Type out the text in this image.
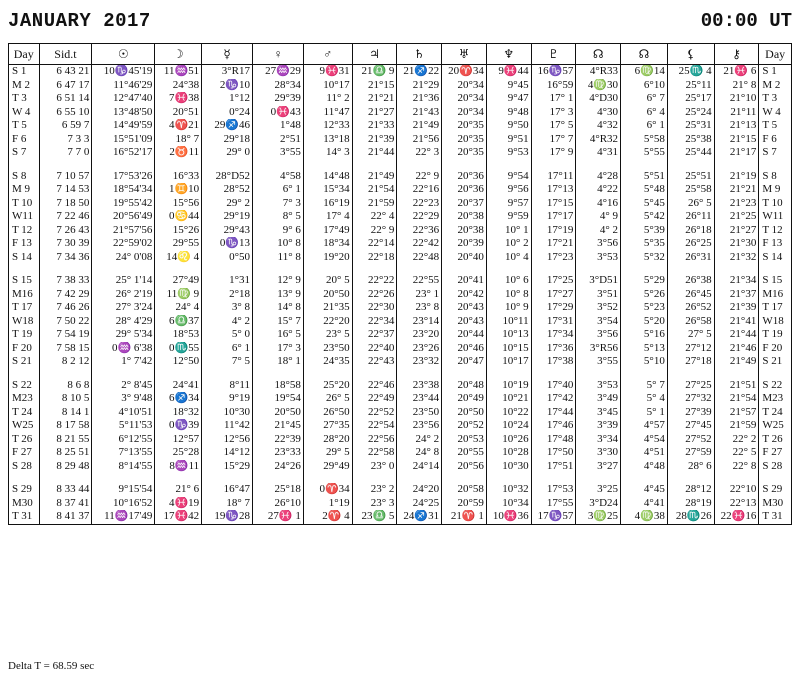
JANUARY 2017	00:00 UT
Day	Sid.t	☉	☽	☿	♀	♂	♃	♄	♅	♆	♇	☊	☊	⚸	⚷	Day
S 1	6 43 21	10♑45'19	11♒51	3°R17	27♒29	9♓31	21♎ 9	21♐22	20♈34	9♓44	16♑57	4°R33	6♍14	25♏ 4	21♓ 6	S 1
M 2	6 47 17	11°46'29	24°38	2♑10	28°34	10°17	21°15	21°29	20°34	9°45	16°59	4♍30	6°10	25°11	21° 8	M 2
T 3	6 51 14	12°47'40	7♓38	1°12	29°39	11° 2	21°21	21°36	20°34	9°47	17° 1	4°D30	6° 7	25°17	21°10	T 3
W 4	6 55 10	13°48'50	20°51	0°24	0♓43	11°47	21°27	21°43	20°34	9°48	17° 3	4°30	6° 4	25°24	21°11	W 4
T 5	6 59 7	14°49'59	4♈21	29♐46	1°48	12°33	21°33	21°49	20°35	9°50	17° 5	4°32	6° 1	25°31	21°13	T 5
F 6	7 3 3	15°51'09	18° 7	29°18	2°51	13°18	21°39	21°56	20°35	9°51	17° 7	4°R32	5°58	25°38	21°15	F 6
S 7	7 7 0	16°52'17	2♉11	29° 0	3°55	14° 3	21°44	22° 3	20°35	9°53	17° 9	4°31	5°55	25°44	21°17	S 7

S 8	7 10 57	17°53'26	16°33	28°D52	4°58	14°48	21°49	22° 9	20°36	9°54	17°11	4°28	5°51	25°51	21°19	S 8
M 9	7 14 53	18°54'34	1♊10	28°52	6° 1	15°34	21°54	22°16	20°36	9°56	17°13	4°22	5°48	25°58	21°21	M 9
T 10	7 18 50	19°55'42	15°56	29° 2	7° 3	16°19	21°59	22°23	20°37	9°57	17°15	4°16	5°45	26° 5	21°23	T 10
W11	7 22 46	20°56'49	0♋44	29°19	8° 5	17° 4	22° 4	22°29	20°38	9°59	17°17	4° 9	5°42	26°11	21°25	W11
T 12	7 26 43	21°57'56	15°26	29°43	9° 6	17°49	22° 9	22°36	20°38	10° 1	17°19	4° 2	5°39	26°18	21°27	T 12
F 13	7 30 39	22°59'02	29°55	0♑13	10° 8	18°34	22°14	22°42	20°39	10° 2	17°21	3°56	5°35	26°25	21°30	F 13
S 14	7 34 36	24° 0'08	14♌ 4	0°50	11° 8	19°20	22°18	22°48	20°40	10° 4	17°23	3°53	5°32	26°31	21°32	S 14

S 15	7 38 33	25° 1'14	27°49	1°31	12° 9	20° 5	22°22	22°55	20°41	10° 6	17°25	3°D51	5°29	26°38	21°34	S 15
M16	7 42 29	26° 2'19	11♍ 9	2°18	13° 9	20°50	22°26	23° 1	20°42	10° 8	17°27	3°51	5°26	26°45	21°37	M16
T 17	7 46 26	27° 3'24	24° 4	3° 8	14° 8	21°35	22°30	23° 8	20°43	10° 9	17°29	3°52	5°23	26°52	21°39	T 17
W18	7 50 22	28° 4'29	6♎37	4° 2	15° 7	22°20	22°34	23°14	20°43	10°11	17°31	3°54	5°20	26°58	21°41	W18
T 19	7 54 19	29° 5'34	18°53	5° 0	16° 5	23° 5	22°37	23°20	20°44	10°13	17°34	3°56	5°16	27° 5	21°44	T 19
F 20	7 58 15	0♒ 6'38	0♏55	6° 1	17° 3	23°50	22°40	23°26	20°46	10°15	17°36	3°R56	5°13	27°12	21°46	F 20
S 21	8 2 12	1° 7'42	12°50	7° 5	18° 1	24°35	22°43	23°32	20°47	10°17	17°38	3°55	5°10	27°18	21°49	S 21

S 22	8 6 8	2° 8'45	24°41	8°11	18°58	25°20	22°46	23°38	20°48	10°19	17°40	3°53	5° 7	27°25	21°51	S 22
M23	8 10 5	3° 9'48	6♐34	9°19	19°54	26° 5	22°49	23°44	20°49	10°21	17°42	3°49	5° 4	27°32	21°54	M23
T 24	8 14 1	4°10'51	18°32	10°30	20°50	26°50	22°52	23°50	20°50	10°22	17°44	3°45	5° 1	27°39	21°57	T 24
W25	8 17 58	5°11'53	0♑39	11°42	21°45	27°35	22°54	23°56	20°52	10°24	17°46	3°39	4°57	27°45	21°59	W25
T 26	8 21 55	6°12'55	12°57	12°56	22°39	28°20	22°56	24° 2	20°53	10°26	17°48	3°34	4°54	27°52	22° 2	T 26
F 27	8 25 51	7°13'55	25°28	14°12	23°33	29° 5	22°58	24° 8	20°55	10°28	17°50	3°30	4°51	27°59	22° 5	F 27
S 28	8 29 48	8°14'55	8♒11	15°29	24°26	29°49	23° 0	24°14	20°56	10°30	17°51	3°27	4°48	28° 6	22° 8	S 28

S 29	8 33 44	9°15'54	21° 6	16°47	25°18	0♈34	23° 2	24°20	20°58	10°32	17°53	3°25	4°45	28°12	22°10	S 29
M30	8 37 41	10°16'52	4♓19	18° 7	26°10	1°19	23° 3	24°25	20°59	10°34	17°55	3°D24	4°41	28°19	22°13	M30
T 31	8 41 37	11♒17'49	17♓42	19♑28	27♓ 1	2♈ 4	23♎ 5	24♐31	21♈ 1	10♓36	17♑57	3♍25	4♍38	28♏26	22♓16	T 31
Delta T = 68.59 sec
